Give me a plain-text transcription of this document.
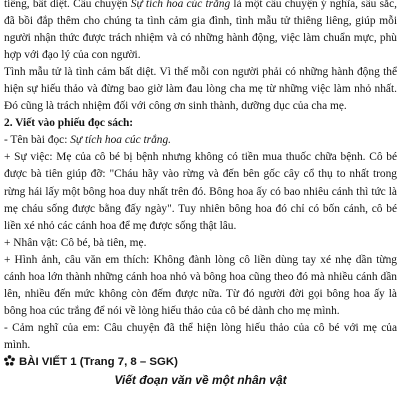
tiếng, bất diệt. Câu chuyện Sự tích hoa cúc trắng là một câu chuyện ý nghĩa, sâu sắc, đã bồi đắp thêm cho chúng ta tình cảm gia đình, tình mẫu tử thiêng liêng, giúp mỗi người nhận thức được trách nhiệm và có những hành động, việc làm chuẩn mực, phù hợp với đạo lý của con người.

Tình mẫu tử là tình cảm bất diệt. Vì thế mỗi con người phải có những hành động thể hiện sự hiếu thảo và đừng bao giờ làm đau lòng cha mẹ từ những việc làm nhỏ nhất. Đó cũng là trách nhiệm đối với công ơn sinh thành, dưỡng dục của cha mẹ.

2. Viết vào phiếu đọc sách:

- Tên bài đọc: Sự tích hoa cúc trắng.

+ Sự việc: Mẹ của cô bé bị bệnh nhưng không có tiền mua thuốc chữa bệnh. Cô bé được bà tiên giúp đỡ: "Cháu hãy vào rừng và đến bên gốc cây cổ thụ to nhất trong rừng hái lấy một bông hoa duy nhất trên đó. Bông hoa ấy có bao nhiêu cánh thì tức là mẹ cháu sống được bằng đấy ngày". Tuy nhiên bông hoa đó chỉ có bốn cánh, cô bé liền xé nhỏ các cánh hoa để mẹ được sống thật lâu.

+ Nhân vật: Cô bé, bà tiên, mẹ.

+ Hình ảnh, câu văn em thích: Không đành lòng cô liền dùng tay xé nhẹ dần từng cánh hoa lớn thành những cánh hoa nhỏ và bông hoa cũng theo đó mà nhiều cánh dần lên, nhiều đến mức không còn đếm được nữa. Từ đó người đời gọi bông hoa ấy là bông hoa cúc trắng để nói về lòng hiếu thảo của cô bé dành cho mẹ mình.

- Cảm nghĩ của em: Câu chuyện đã thể hiện lòng hiếu thảo của cô bé với mẹ của mình.

BÀI VIẾT 1 (Trang 7, 8 – SGK)

Viết đoạn văn về một nhân vật
